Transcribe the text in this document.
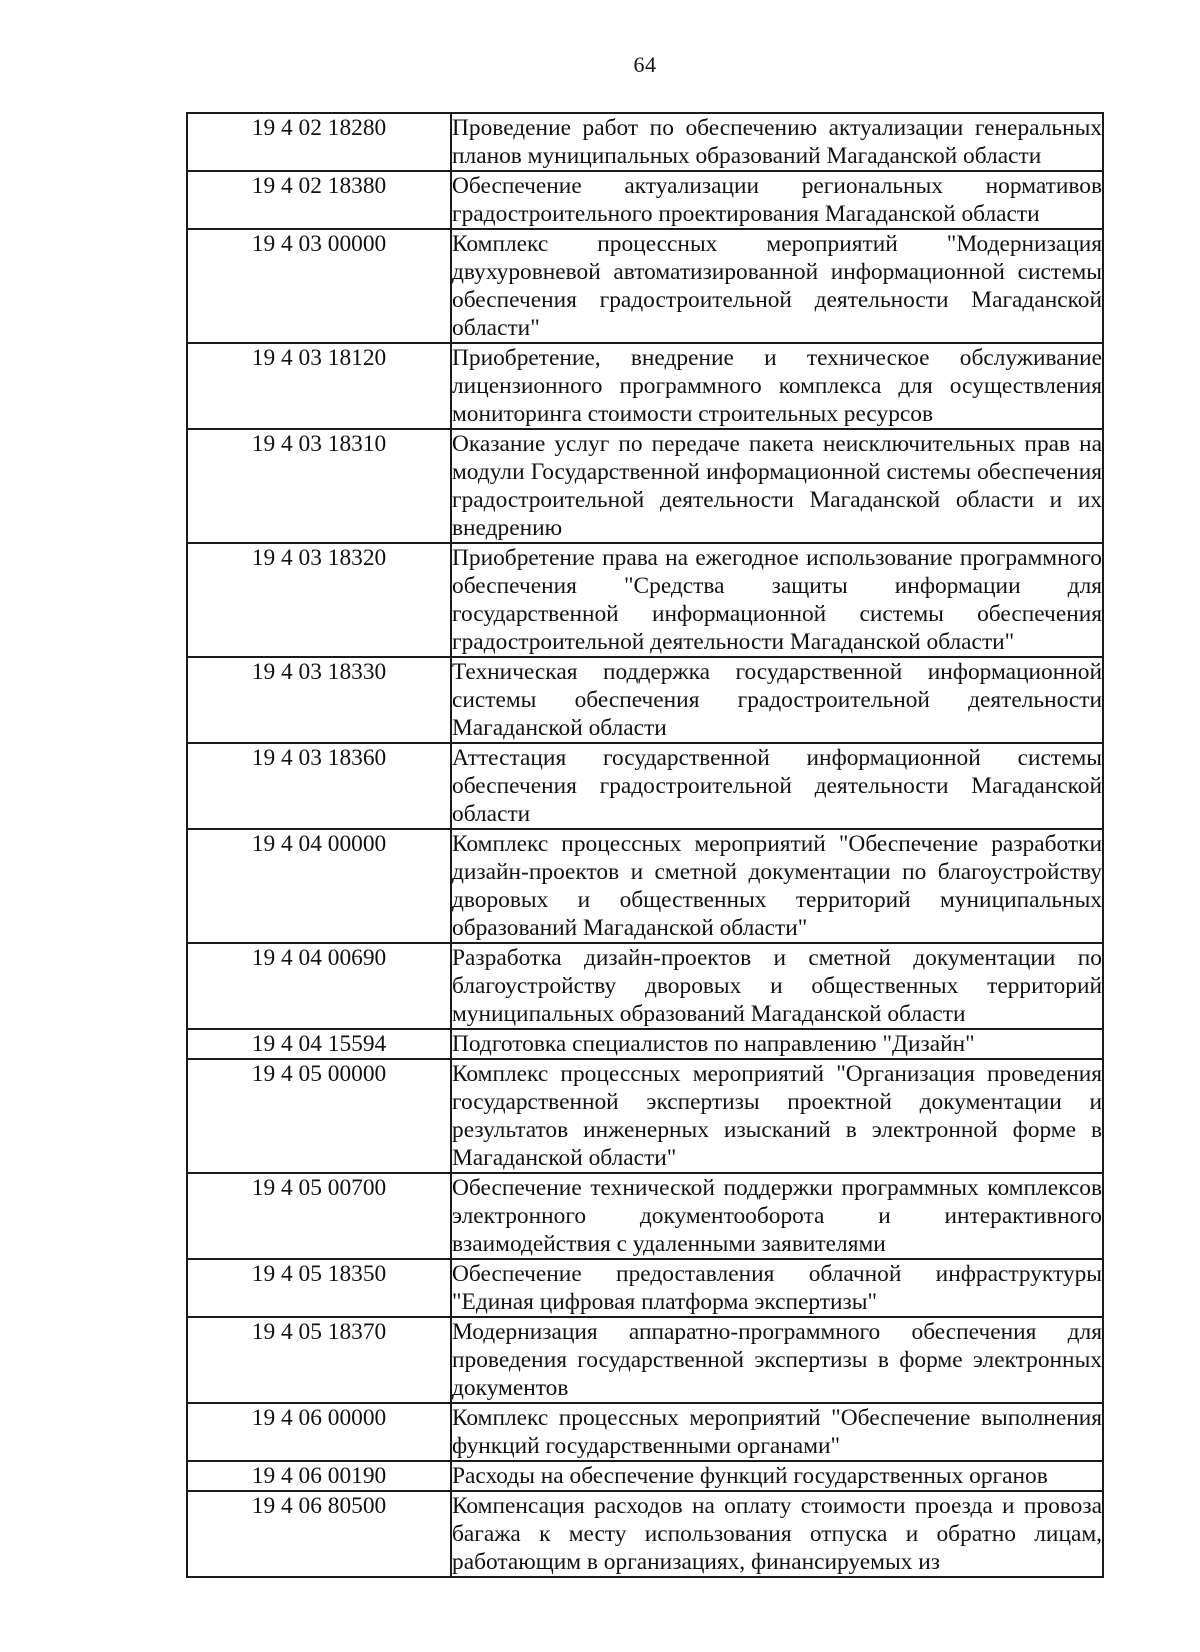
64
19 4 02 18280	Проведение работ по обеспечению актуализации генеральных планов муниципальных образований Магаданской области

19 4 02 18380	Обеспечение актуализации региональных нормативов градостроительного проектирования Магаданской области

19 4 03 00000	Комплекс процессных мероприятий "Модернизация двухуровневой автоматизированной информационной системы обеспечения градостроительной деятельности Магаданской области"

19 4 03 18120	Приобретение, внедрение и техническое обслуживание лицензионного программного комплекса для осуществления мониторинга стоимости строительных ресурсов

19 4 03 18310	Оказание услуг по передаче пакета неисключительных прав на модули Государственной информационной системы обеспечения градостроительной деятельности Магаданской области и их внедрению

19 4 03 18320	Приобретение права на ежегодное использование программного обеспечения "Средства защиты информации для государственной информационной системы обеспечения градостроительной деятельности Магаданской области"

19 4 03 18330	Техническая поддержка государственной информационной системы обеспечения градостроительной деятельности Магаданской области

19 4 03 18360	Аттестация государственной информационной системы обеспечения градостроительной деятельности Магаданской области

19 4 04 00000	Комплекс процессных мероприятий "Обеспечение разработки дизайн-проектов и сметной документации по благоустройству дворовых и общественных территорий муниципальных образований Магаданской области"

19 4 04 00690	Разработка дизайн-проектов и сметной документации по благоустройству дворовых и общественных территорий муниципальных образований Магаданской области

19 4 04 15594	Подготовка специалистов по направлению "Дизайн"

19 4 05 00000	Комплекс процессных мероприятий "Организация проведения государственной экспертизы проектной документации и результатов инженерных изысканий в электронной форме в Магаданской области"

19 4 05 00700	Обеспечение технической поддержки программных комплексов электронного документооборота и интерактивного взаимодействия с удаленными заявителями

19 4 05 18350	Обеспечение предоставления облачной инфраструктуры "Единая цифровая платформа экспертизы"

19 4 05 18370	Модернизация аппаратно-программного обеспечения для проведения государственной экспертизы в форме электронных документов

19 4 06 00000	Комплекс процессных мероприятий "Обеспечение выполнения функций государственными органами"

19 4 06 00190	Расходы на обеспечение функций государственных органов

19 4 06 80500	Компенсация расходов на оплату стоимости проезда и провоза багажа к месту использования отпуска и обратно лицам, работающим в организациях, финансируемых из
